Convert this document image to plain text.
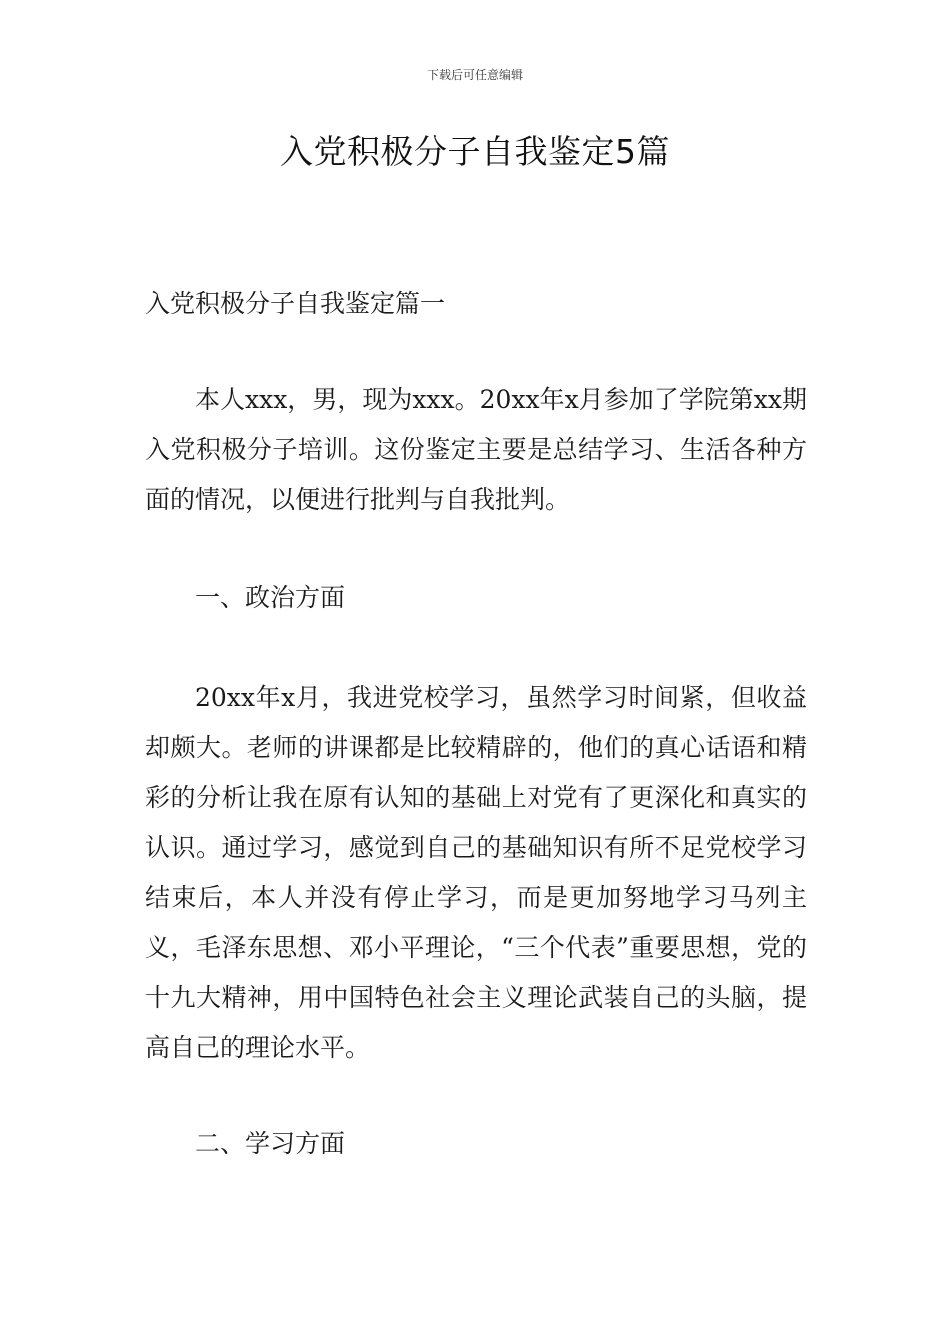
下载后可任意编辑
入党积极分子自我鉴定5篇
入党积极分子自我鉴定篇一

本人xxx，男，现为xxx。20xx年x月参加了学院第xx期入党积极分子培训。这份鉴定主要是总结学习、生活各种方面的情况，以便进行批判与自我批判。

一、政治方面

20xx年x月，我进党校学习，虽然学习时间紧，但收益却颇大。老师的讲课都是比较精辟的，他们的真心话语和精彩的分析让我在原有认知的基础上对党有了更深化和真实的认识。通过学习，感觉到自己的基础知识有所不足党校学习结束后，本人并没有停止学习，而是更加努地学习马列主义，毛泽东思想、邓小平理论，“三个代表”重要思想，党的十九大精神，用中国特色社会主义理论武装自己的头脑，提高自己的理论水平。

二、学习方面
